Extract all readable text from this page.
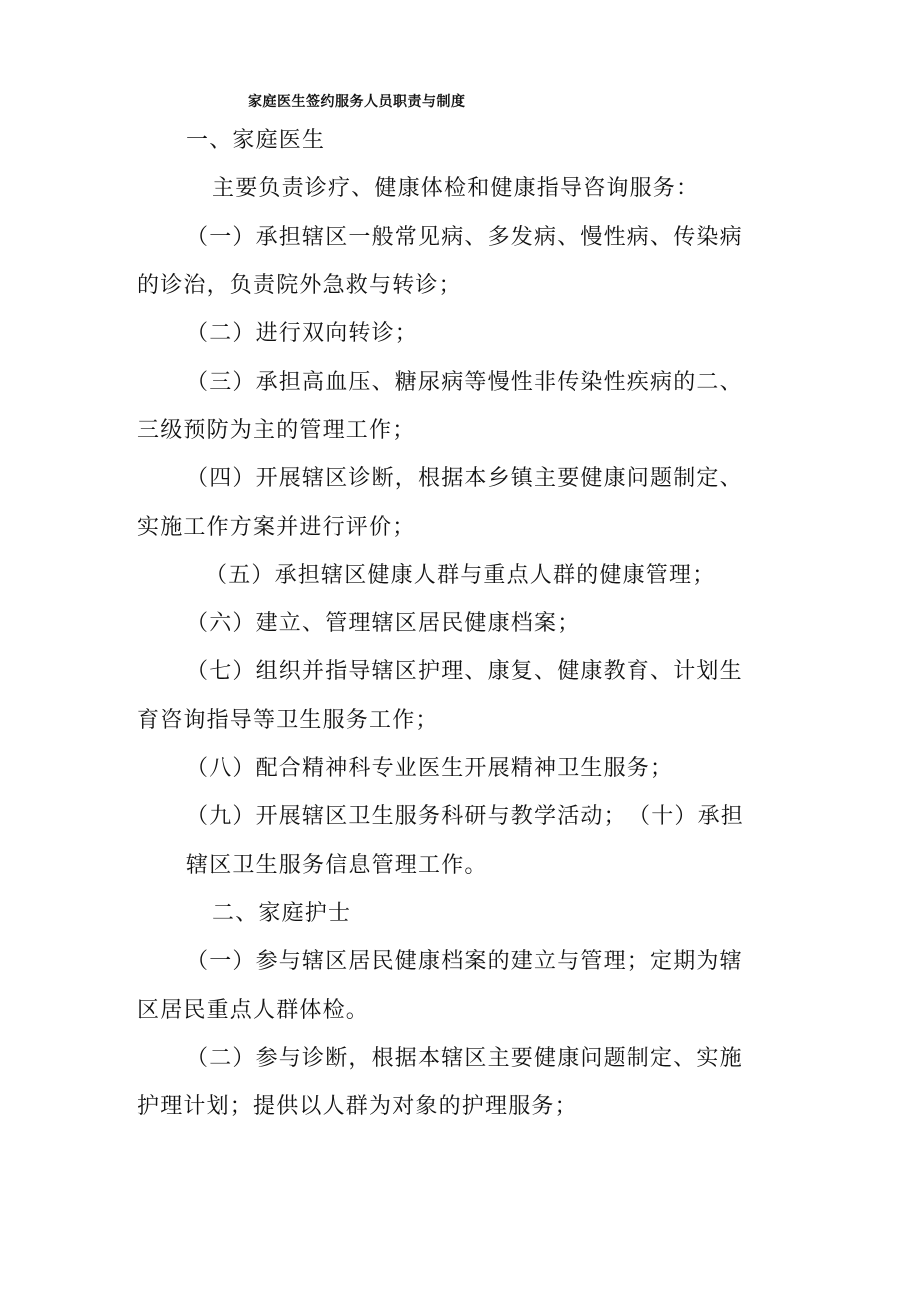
家庭医生签约服务人员职责与制度
一、家庭医生
主要负责诊疗、健康体检和健康指导咨询服务：
（一）承担辖区一般常见病、多发病、慢性病、传染病
的诊治，负责院外急救与转诊；
（二）进行双向转诊；
（三）承担高血压、糖尿病等慢性非传染性疾病的二、
三级预防为主的管理工作；
（四）开展辖区诊断，根据本乡镇主要健康问题制定、
实施工作方案并进行评价；
（五）承担辖区健康人群与重点人群的健康管理；
（六）建立、管理辖区居民健康档案；
（七）组织并指导辖区护理、康复、健康教育、计划生
育咨询指导等卫生服务工作；
（八）配合精神科专业医生开展精神卫生服务；
（九）开展辖区卫生服务科研与教学活动；　（十）承担
辖区卫生服务信息管理工作。
二、家庭护士
（一）参与辖区居民健康档案的建立与管理；定期为辖
区居民重点人群体检。
（二）参与诊断，根据本辖区主要健康问题制定、实施
护理计划；提供以人群为对象的护理服务；
